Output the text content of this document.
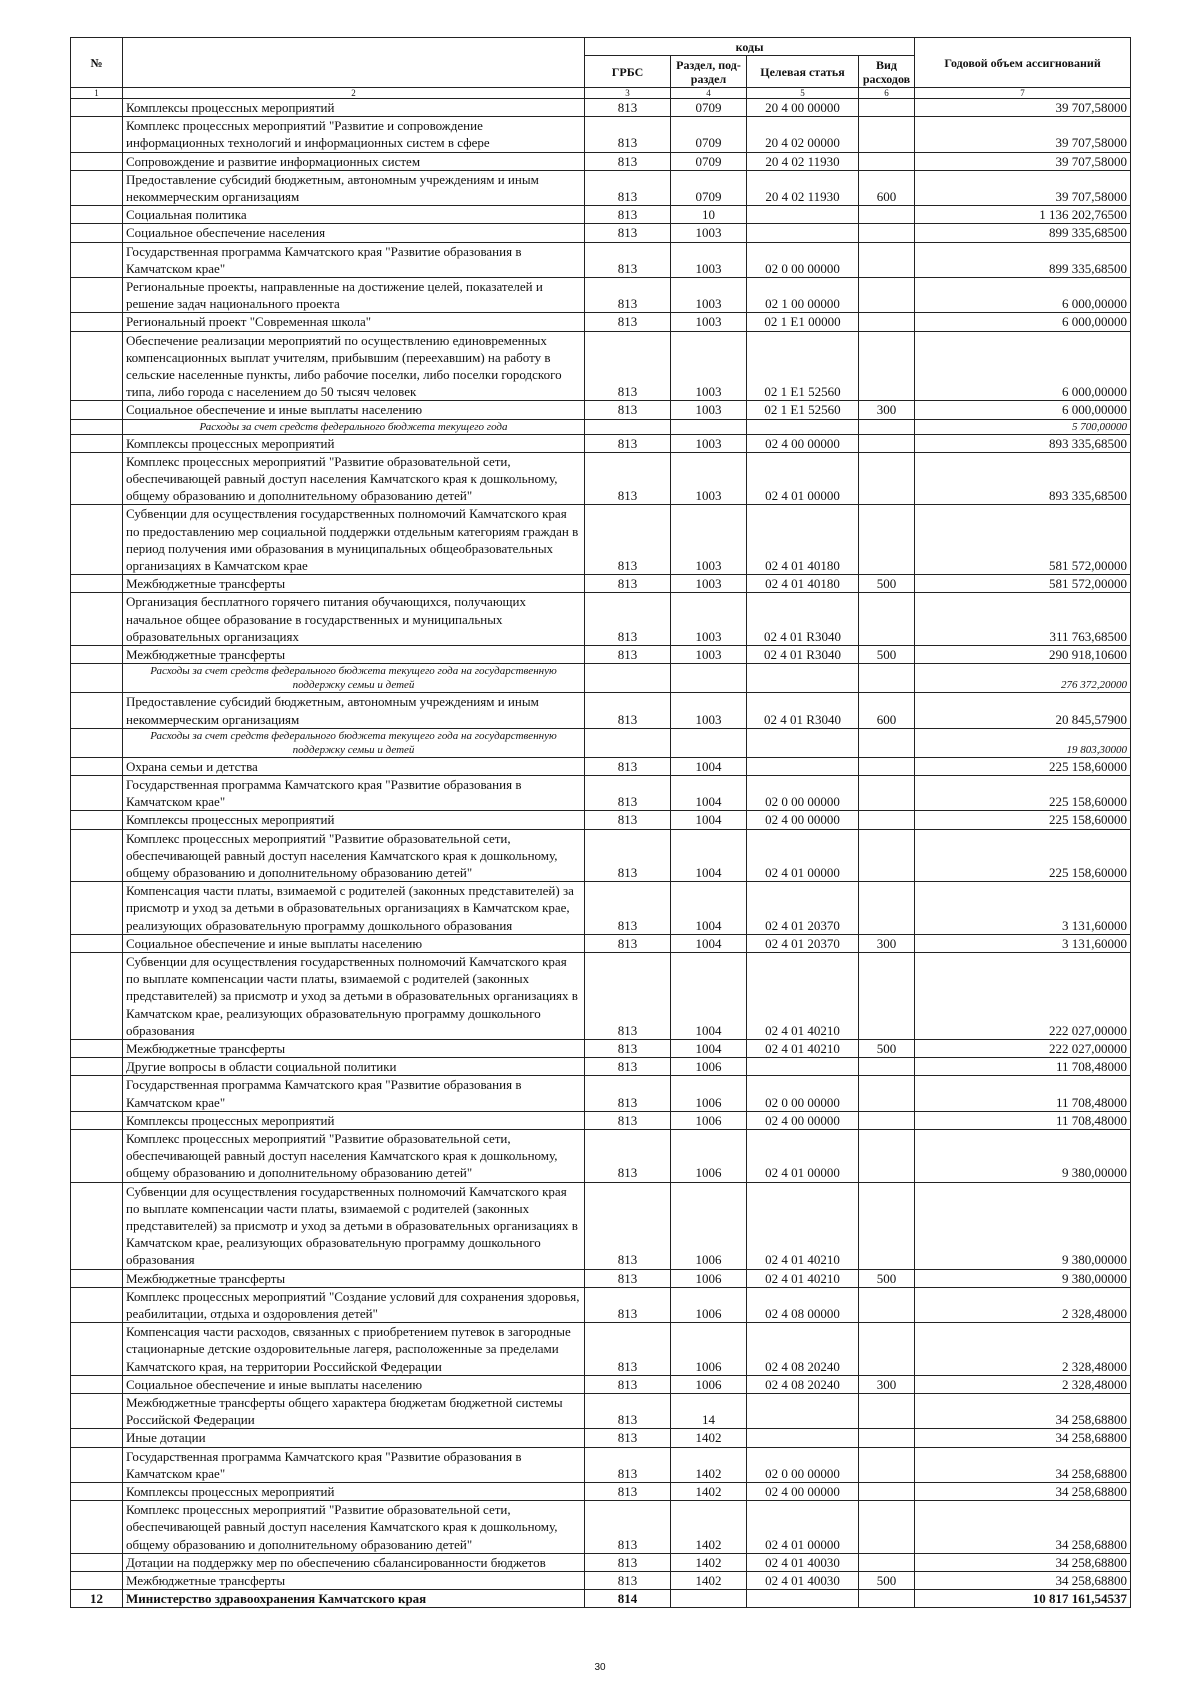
№		коды				Годовой объем ассигнований
		ГРБС	Раздел, под-раздел	Целевая статья	Вид расходов	
1	2	3	4	5	6	7
	Комплексы процессных мероприятий	813	0709	20 4 00 00000		39 707,58000
	Комплекс процессных мероприятий "Развитие и сопровождение информационных технологий и информационных систем в сфере	813	0709	20 4 02 00000		39 707,58000
	Сопровождение и развитие информационных систем	813	0709	20 4 02 11930		39 707,58000
	Предоставление субсидий бюджетным, автономным учреждениям и иным некоммерческим организациям	813	0709	20 4 02 11930	600	39 707,58000
	Социальная политика	813	10			1 136 202,76500
	Социальное обеспечение населения	813	1003			899 335,68500
	Государственная программа Камчатского края "Развитие образования в Камчатском крае"	813	1003	02 0 00 00000		899 335,68500
	Региональные проекты, направленные на достижение целей, показателей и решение задач национального проекта	813	1003	02 1 00 00000		6 000,00000
	Региональный проект "Современная школа"	813	1003	02 1 E1 00000		6 000,00000
	Обеспечение реализации мероприятий по осуществлению единовременных компенсационных выплат учителям, прибывшим (переехавшим) на работу в сельские населенные пункты, либо рабочие поселки, либо поселки городского типа, либо города с населением до 50 тысяч человек	813	1003	02 1 E1 52560		6 000,00000
	Социальное обеспечение и иные выплаты населению	813	1003	02 1 E1 52560	300	6 000,00000
	Расходы за счет средств федерального бюджета текущего года					5 700,00000
	Комплексы процессных мероприятий	813	1003	02 4 00 00000		893 335,68500
	Комплекс процессных мероприятий "Развитие образовательной сети, обеспечивающей равный доступ населения Камчатского края к дошкольному, общему образованию и дополнительному образованию детей"	813	1003	02 4 01 00000		893 335,68500
	Субвенции для осуществления государственных полномочий Камчатского края по предоставлению мер социальной поддержки отдельным категориям граждан в период получения ими образования в муниципальных общеобразовательных организациях в Камчатском крае	813	1003	02 4 01 40180		581 572,00000
	Межбюджетные трансферты	813	1003	02 4 01 40180	500	581 572,00000
	Организация бесплатного горячего питания обучающихся, получающих начальное общее образование в государственных и муниципальных образовательных организациях	813	1003	02 4 01 R3040		311 763,68500
	Межбюджетные трансферты	813	1003	02 4 01 R3040	500	290 918,10600
	Расходы за счет средств федерального бюджета текущего года на государственную поддержку семьи и детей					276 372,20000
	Предоставление субсидий бюджетным, автономным учреждениям и иным некоммерческим организациям	813	1003	02 4 01 R3040	600	20 845,57900
	Расходы за счет средств федерального бюджета текущего года на государственную поддержку семьи и детей					19 803,30000
	Охрана семьи и детства	813	1004			225 158,60000
	Государственная программа Камчатского края "Развитие образования в Камчатском крае"	813	1004	02 0 00 00000		225 158,60000
	Комплексы процессных мероприятий	813	1004	02 4 00 00000		225 158,60000
	Комплекс процессных мероприятий "Развитие образовательной сети, обеспечивающей равный доступ населения Камчатского края к дошкольному, общему образованию и дополнительному образованию детей"	813	1004	02 4 01 00000		225 158,60000
	Компенсация части платы, взимаемой с родителей (законных представителей) за присмотр и уход за детьми в образовательных организациях в Камчатском крае, реализующих образовательную программу дошкольного образования	813	1004	02 4 01 20370		3 131,60000
	Социальное обеспечение и иные выплаты населению	813	1004	02 4 01 20370	300	3 131,60000
	Субвенции для осуществления государственных полномочий Камчатского края по выплате компенсации части платы, взимаемой с родителей (законных представителей) за присмотр и уход за детьми в образовательных организациях в Камчатском крае, реализующих образовательную программу дошкольного образования	813	1004	02 4 01 40210		222 027,00000
	Межбюджетные трансферты	813	1004	02 4 01 40210	500	222 027,00000
	Другие вопросы в области социальной политики	813	1006			11 708,48000
	Государственная программа Камчатского края "Развитие образования в Камчатском крае"	813	1006	02 0 00 00000		11 708,48000
	Комплексы процессных мероприятий	813	1006	02 4 00 00000		11 708,48000
	Комплекс процессных мероприятий "Развитие образовательной сети, обеспечивающей равный доступ населения Камчатского края к дошкольному, общему образованию и дополнительному образованию детей"	813	1006	02 4 01 00000		9 380,00000
	Субвенции для осуществления государственных полномочий Камчатского края по выплате компенсации части платы, взимаемой с родителей (законных представителей) за присмотр и уход за детьми в образовательных организациях в Камчатском крае, реализующих образовательную программу дошкольного образования	813	1006	02 4 01 40210		9 380,00000
	Межбюджетные трансферты	813	1006	02 4 01 40210	500	9 380,00000
	Комплекс процессных мероприятий "Создание условий для сохранения здоровья, реабилитации, отдыха и оздоровления детей"	813	1006	02 4 08 00000		2 328,48000
	Компенсация части расходов, связанных с приобретением путевок в загородные стационарные детские оздоровительные лагеря, расположенные за пределами Камчатского края, на территории Российской Федерации	813	1006	02 4 08 20240		2 328,48000
	Социальное обеспечение и иные выплаты населению	813	1006	02 4 08 20240	300	2 328,48000
	Межбюджетные трансферты общего характера бюджетам бюджетной системы Российской Федерации	813	14			34 258,68800
	Иные дотации	813	1402			34 258,68800
	Государственная программа Камчатского края "Развитие образования в Камчатском крае"	813	1402	02 0 00 00000		34 258,68800
	Комплексы процессных мероприятий	813	1402	02 4 00 00000		34 258,68800
	Комплекс процессных мероприятий "Развитие образовательной сети, обеспечивающей равный доступ населения Камчатского края к дошкольному, общему образованию и дополнительному образованию детей"	813	1402	02 4 01 00000		34 258,68800
	Дотации на поддержку мер по обеспечению сбалансированности бюджетов	813	1402	02 4 01 40030		34 258,68800
	Межбюджетные трансферты	813	1402	02 4 01 40030	500	34 258,68800
12	Министерство здравоохранения Камчатского края	814				10 817 161,54537
30
